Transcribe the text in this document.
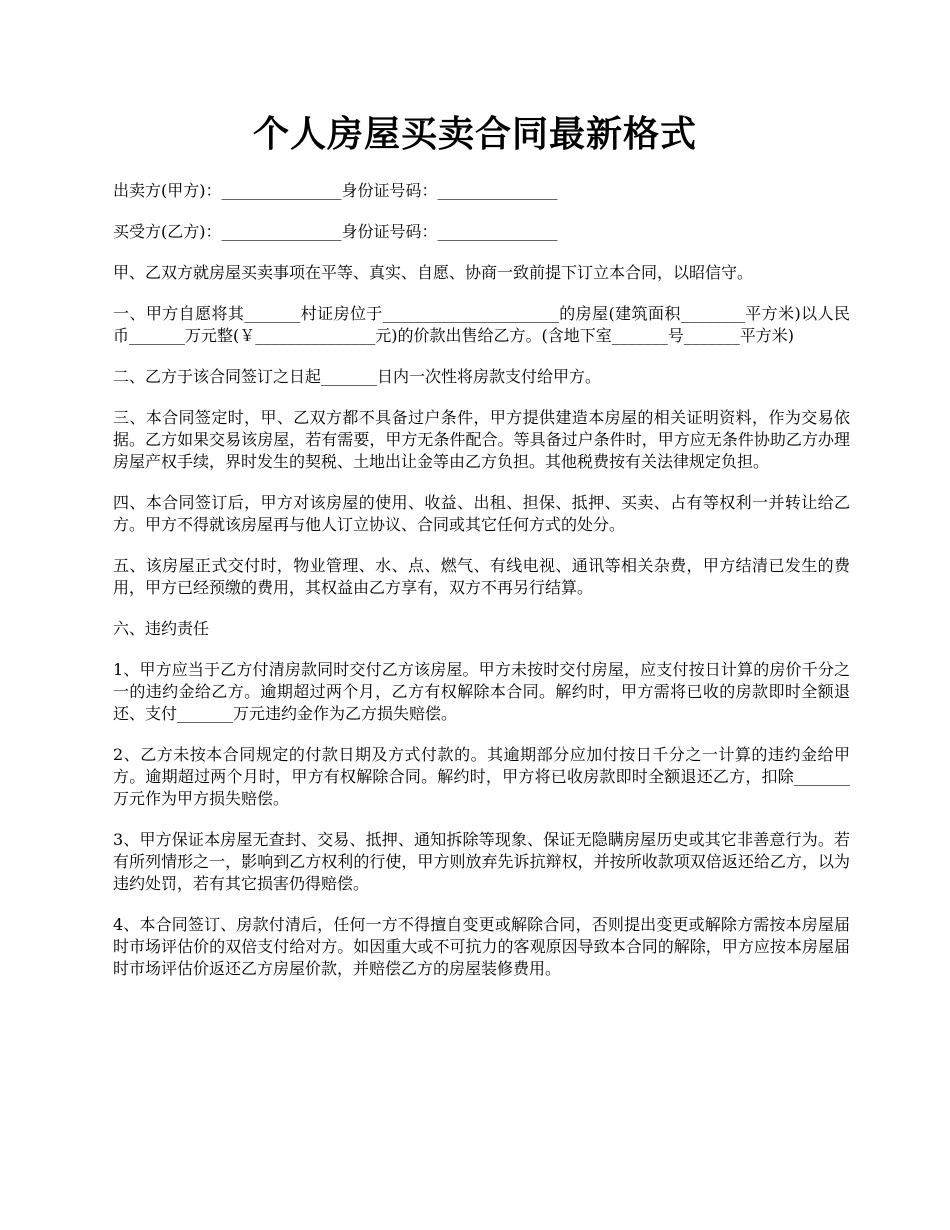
个人房屋买卖合同最新格式

出卖方(甲方)：_______________身份证号码：_______________

买受方(乙方)：_______________身份证号码：_______________

甲、乙双方就房屋买卖事项在平等、真实、自愿、协商一致前提下订立本合同，以昭信守。

一、甲方自愿将其_______村证房位于______________________的房屋(建筑面积________平方米)以人民币_______万元整(￥_______________元)的价款出售给乙方。(含地下室_______号_______平方米)

二、乙方于该合同签订之日起_______日内一次性将房款支付给甲方。

三、本合同签定时，甲、乙双方都不具备过户条件，甲方提供建造本房屋的相关证明资料，作为交易依据。乙方如果交易该房屋，若有需要，甲方无条件配合。等具备过户条件时，甲方应无条件协助乙方办理房屋产权手续，界时发生的契税、土地出让金等由乙方负担。其他税费按有关法律规定负担。

四、本合同签订后，甲方对该房屋的使用、收益、出租、担保、抵押、买卖、占有等权利一并转让给乙方。甲方不得就该房屋再与他人订立协议、合同或其它任何方式的处分。

五、该房屋正式交付时，物业管理、水、点、燃气、有线电视、通讯等相关杂费，甲方结清已发生的费用，甲方已经预缴的费用，其权益由乙方享有，双方不再另行结算。

六、违约责任

1、甲方应当于乙方付清房款同时交付乙方该房屋。甲方未按时交付房屋，应支付按日计算的房价千分之一的违约金给乙方。逾期超过两个月，乙方有权解除本合同。解约时，甲方需将已收的房款即时全额退还、支付_______万元违约金作为乙方损失赔偿。

2、乙方未按本合同规定的付款日期及方式付款的。其逾期部分应加付按日千分之一计算的违约金给甲方。逾期超过两个月时，甲方有权解除合同。解约时，甲方将已收房款即时全额退还乙方，扣除_______万元作为甲方损失赔偿。

3、甲方保证本房屋无查封、交易、抵押、通知拆除等现象、保证无隐瞒房屋历史或其它非善意行为。若有所列情形之一，影响到乙方权利的行使，甲方则放弃先诉抗辩权，并按所收款项双倍返还给乙方，以为违约处罚，若有其它损害仍得赔偿。

4、本合同签订、房款付清后，任何一方不得擅自变更或解除合同，否则提出变更或解除方需按本房屋届时市场评估价的双倍支付给对方。如因重大或不可抗力的客观原因导致本合同的解除，甲方应按本房屋届时市场评估价返还乙方房屋价款，并赔偿乙方的房屋装修费用。
